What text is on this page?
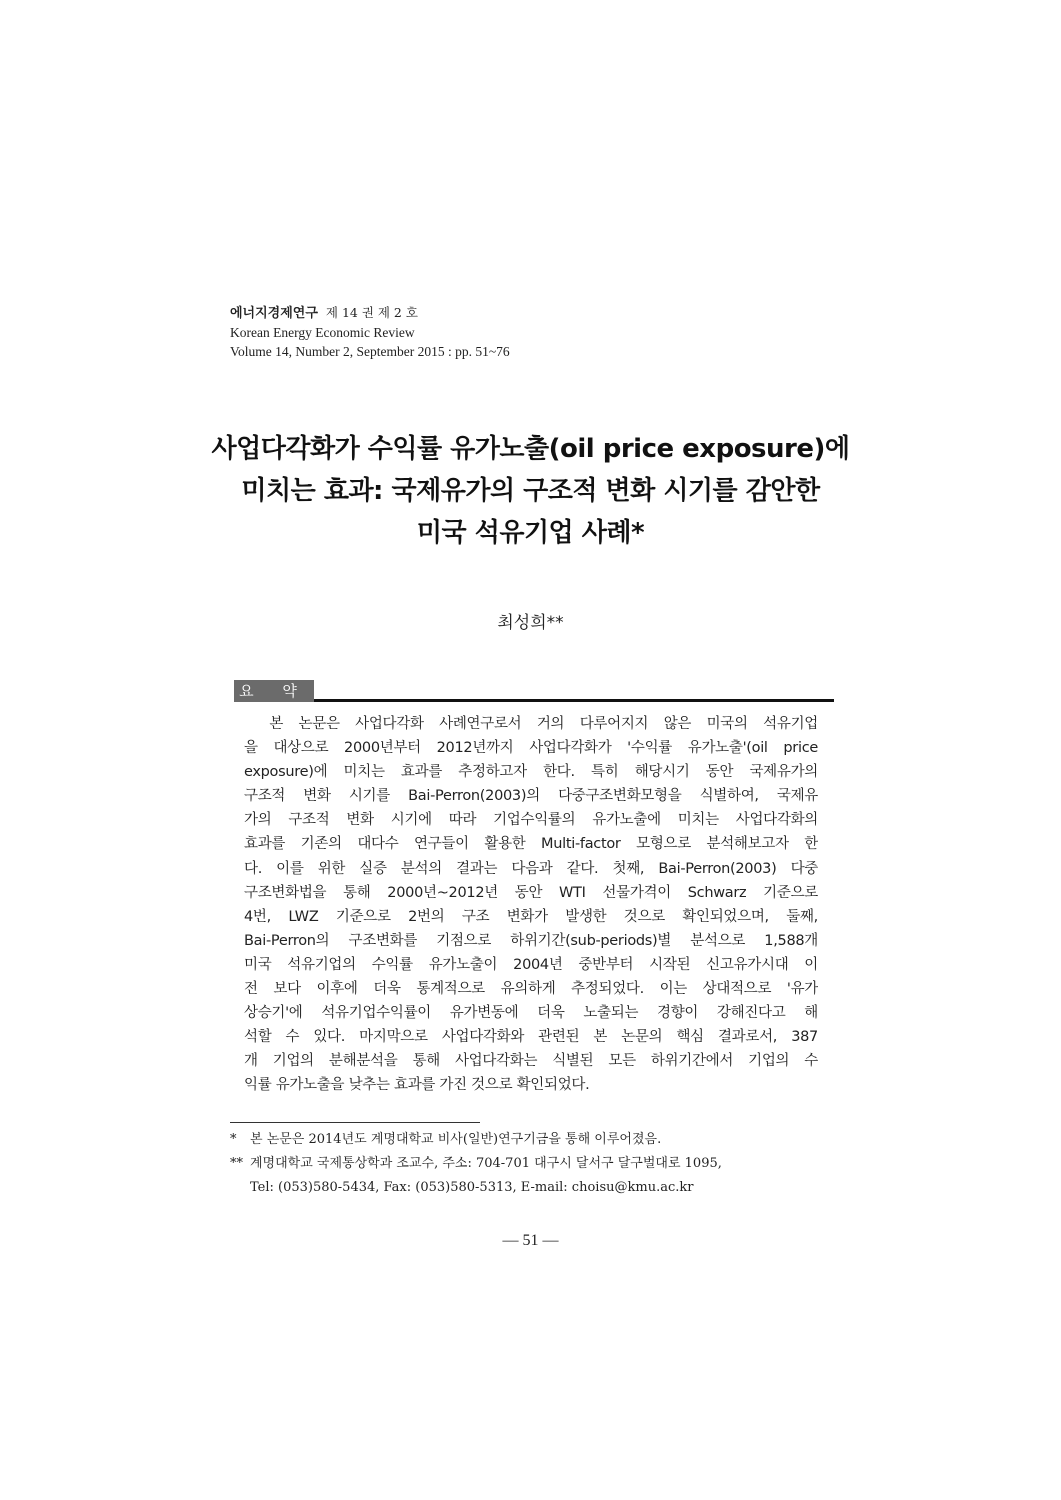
에너지경제연구 제 14 권 제 2 호
Korean Energy Economic Review
Volume 14, Number 2, September 2015 : pp. 51~76
사업다각화가 수익률 유가노출(oil price exposure)에
미치는 효과: 국제유가의 구조적 변화 시기를 감안한
미국 석유기업 사례*
최성희**
요 약
　본 논문은 사업다각화 사례연구로서 거의 다루어지지 않은 미국의 석유기업
을 대상으로 2000년부터 2012년까지 사업다각화가 '수익률 유가노출'(oil price
exposure)에 미치는 효과를 추정하고자 한다. 특히 해당시기 동안 국제유가의
구조적 변화 시기를 Bai-Perron(2003)의 다중구조변화모형을 식별하여, 국제유
가의 구조적 변화 시기에 따라 기업수익률의 유가노출에 미치는 사업다각화의
효과를 기존의 대다수 연구들이 활용한 Multi-factor 모형으로 분석해보고자 한
다. 이를 위한 실증 분석의 결과는 다음과 같다. 첫째, Bai-Perron(2003) 다중
구조변화법을 통해 2000년~2012년 동안 WTI 선물가격이 Schwarz 기준으로
4번, LWZ 기준으로 2번의 구조 변화가 발생한 것으로 확인되었으며, 둘째,
Bai-Perron의 구조변화를 기점으로 하위기간(sub-periods)별 분석으로 1,588개
미국 석유기업의 수익률 유가노출이 2004년 중반부터 시작된 신고유가시대 이
전 보다 이후에 더욱 통계적으로 유의하게 추정되었다. 이는 상대적으로 '유가
상승기'에 석유기업수익률이 유가변동에 더욱 노출되는 경향이 강해진다고 해
석할 수 있다. 마지막으로 사업다각화와 관련된 본 논문의 핵심 결과로서, 387
개 기업의 분해분석을 통해 사업다각화는 식별된 모든 하위기간에서 기업의 수
익률 유가노출을 낮추는 효과를 가진 것으로 확인되었다.
* 본 논문은 2014년도 계명대학교 비사(일반)연구기금을 통해 이루어졌음.
** 계명대학교 국제통상학과 조교수, 주소: 704-701 대구시 달서구 달구벌대로 1095,
Tel: (053)580-5434, Fax: (053)580-5313, E-mail: choisu@kmu.ac.kr
— 51 —
